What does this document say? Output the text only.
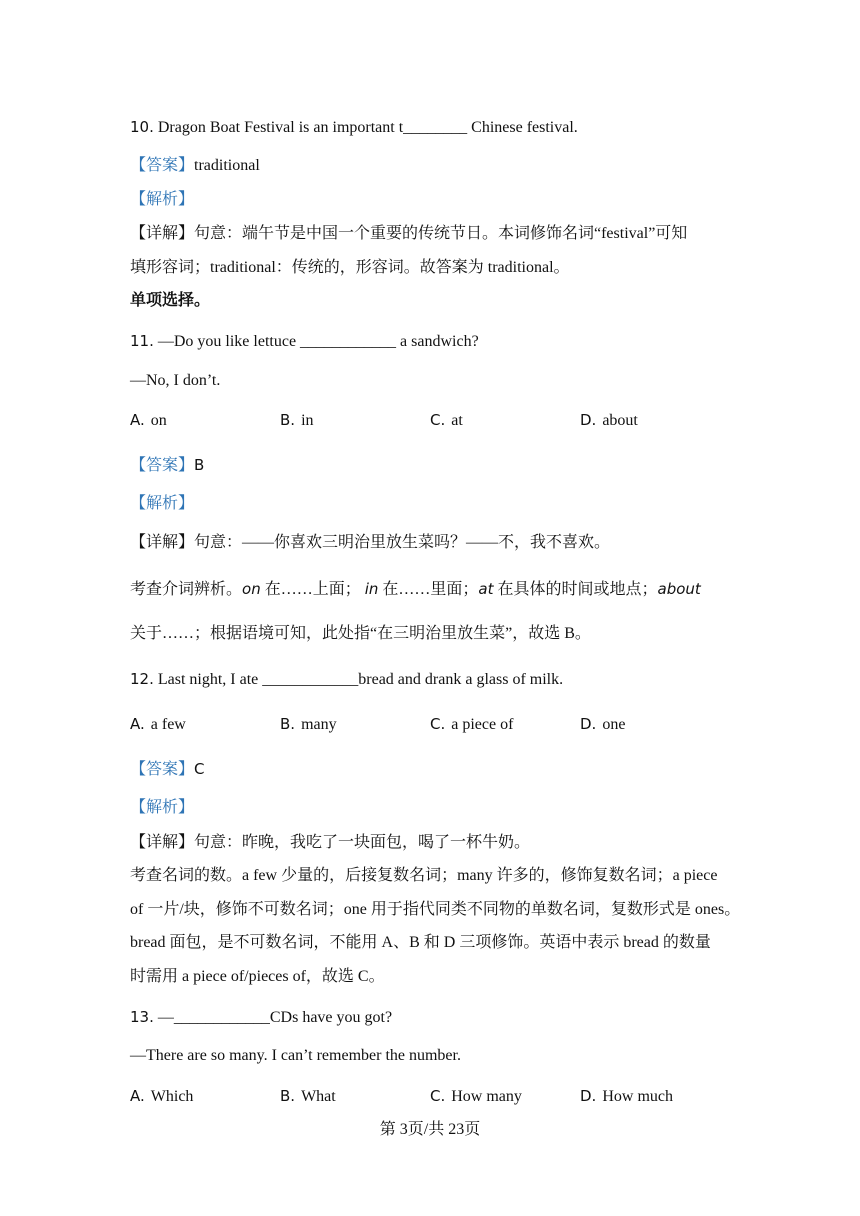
10. Dragon Boat Festival is an important t________ Chinese festival.
【答案】traditional
【解析】
【详解】句意：端午节是中国一个重要的传统节日。本词修饰名词“festival”可知
填形容词；traditional：传统的，形容词。故答案为 traditional。
单项选择。
11. —Do you like lettuce ____________ a sandwich?
—No, I don’t.
A. on	B. in	C. at	D. about
【答案】B
【解析】
【详解】句意：——你喜欢三明治里放生菜吗？——不，我不喜欢。
考查介词辨析。on 在……上面； in 在……里面；at 在具体的时间或地点；about
关于……；根据语境可知，此处指“在三明治里放生菜”，故选 B。
12. Last night, I ate ____________bread and drank a glass of milk.
A. a few	B. many	C. a piece of	D. one
【答案】C
【解析】
【详解】句意：昨晚，我吃了一块面包，喝了一杯牛奶。
考查名词的数。a few 少量的，后接复数名词；many 许多的，修饰复数名词；a piece
of 一片/块，修饰不可数名词；one 用于指代同类不同物的单数名词，复数形式是 ones。
bread 面包，是不可数名词，不能用 A、B 和 D 三项修饰。英语中表示 bread 的数量
时需用 a piece of/pieces of，故选 C。
13. —____________CDs have you got?
—There are so many. I can’t remember the number.
A. Which	B. What	C. How many	D. How much
第 3页/共 23页
